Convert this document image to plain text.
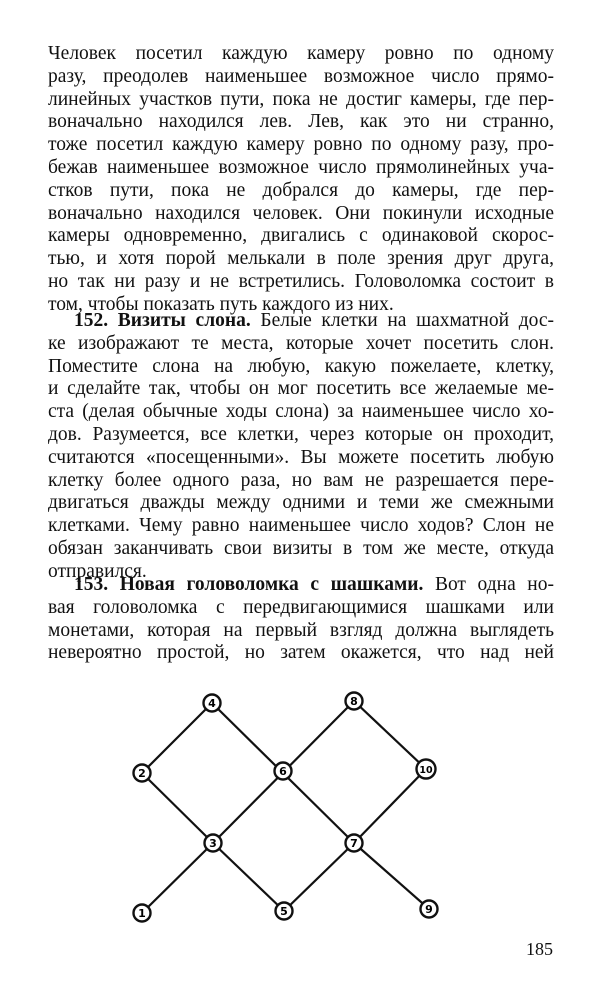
Человек посетил каждую камеру ровно по одному
разу, преодолев наименьшее возможное число прямо-
линейных участков пути, пока не достиг камеры, где пер-
воначально находился лев. Лев, как это ни странно,
тоже посетил каждую камеру ровно по одному разу, про-
бежав наименьшее возможное число прямолинейных уча-
стков пути, пока не добрался до камеры, где пер-
воначально находился человек. Они покинули исходные
камеры одновременно, двигались с одинаковой скорос-
тью, и хотя порой мелькали в поле зрения друг друга,
но так ни разу и не встретились. Головоломка состоит в
том, чтобы показать путь каждого из них.
152. Визиты слона. Белые клетки на шахматной дос-
ке изображают те места, которые хочет посетить слон.
Поместите слона на любую, какую пожелаете, клетку,
и сделайте так, чтобы он мог посетить все желаемые ме-
ста (делая обычные ходы слона) за наименьшее число хо-
дов. Разумеется, все клетки, через которые он проходит,
считаются «посещенными». Вы можете посетить любую
клетку более одного раза, но вам не разрешается пере-
двигаться дважды между одними и теми же смежными
клетками. Чему равно наименьшее число ходов? Слон не
обязан заканчивать свои визиты в том же месте, откуда
отправился.
153. Новая головоломка с шашками. Вот одна но-
вая головоломка с передвигающимися шашками или
монетами, которая на первый взгляд должна выглядеть
невероятно простой, но затем окажется, что над ней
1
2
3
4
5
6
7
8
9
10
185
